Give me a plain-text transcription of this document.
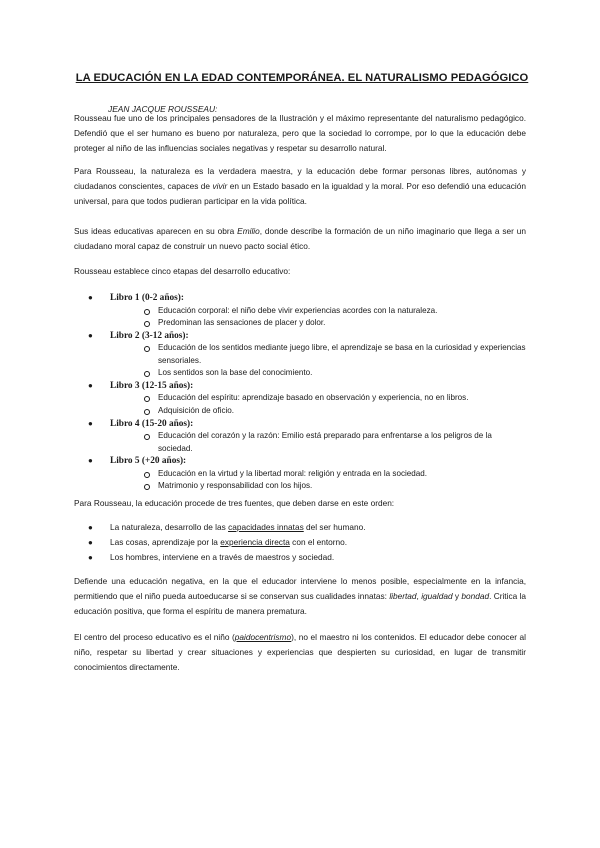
LA EDUCACIÓN EN LA EDAD CONTEMPORÁNEA. EL NATURALISMO PEDAGÓGICO
JEAN JACQUE ROUSSEAU:
Rousseau fue uno de los principales pensadores de la Ilustración y el máximo representante del naturalismo pedagógico. Defendió que el ser humano es bueno por naturaleza, pero que la sociedad lo corrompe, por lo que la educación debe proteger al niño de las influencias sociales negativas y respetar su desarrollo natural.
Para Rousseau, la naturaleza es la verdadera maestra, y la educación debe formar personas libres, autónomas y ciudadanos conscientes, capaces de vivir en un Estado basado en la igualdad y la moral. Por eso defendió una educación universal, para que todos pudieran participar en la vida política.
Sus ideas educativas aparecen en su obra Emilio, donde describe la formación de un niño imaginario que llega a ser un ciudadano moral capaz de construir un nuevo pacto social ético.
Rousseau establece cinco etapas del desarrollo educativo:
● Libro 1 (0-2 años):
Educación corporal: el niño debe vivir experiencias acordes con la naturaleza.
Predominan las sensaciones de placer y dolor.
● Libro 2 (3-12 años):
Educación de los sentidos mediante juego libre, el aprendizaje se basa en la curiosidad y experiencias sensoriales.
Los sentidos son la base del conocimiento.
● Libro 3 (12-15 años):
Educación del espíritu: aprendizaje basado en observación y experiencia, no en libros.
Adquisición de oficio.
● Libro 4 (15-20 años):
Educación del corazón y la razón: Emilio está preparado para enfrentarse a los peligros de la sociedad.
● Libro 5 (+20 años):
Educación en la virtud y la libertad moral: religión y entrada en la sociedad.
Matrimonio y responsabilidad con los hijos.
Para Rousseau, la educación procede de tres fuentes, que deben darse en este orden:
● La naturaleza, desarrollo de las capacidades innatas del ser humano.
● Las cosas, aprendizaje por la experiencia directa con el entorno.
● Los hombres, interviene en a través de maestros y sociedad.
Defiende una educación negativa, en la que el educador interviene lo menos posible, especialmente en la infancia, permitiendo que el niño pueda autoeducarse si se conservan sus cualidades innatas: libertad, igualdad y bondad. Critica la educación positiva, que forma el espíritu de manera prematura.
El centro del proceso educativo es el niño (paidocentrismo), no el maestro ni los contenidos. El educador debe conocer al niño, respetar su libertad y crear situaciones y experiencias que despierten su curiosidad, en lugar de transmitir conocimientos directamente.
